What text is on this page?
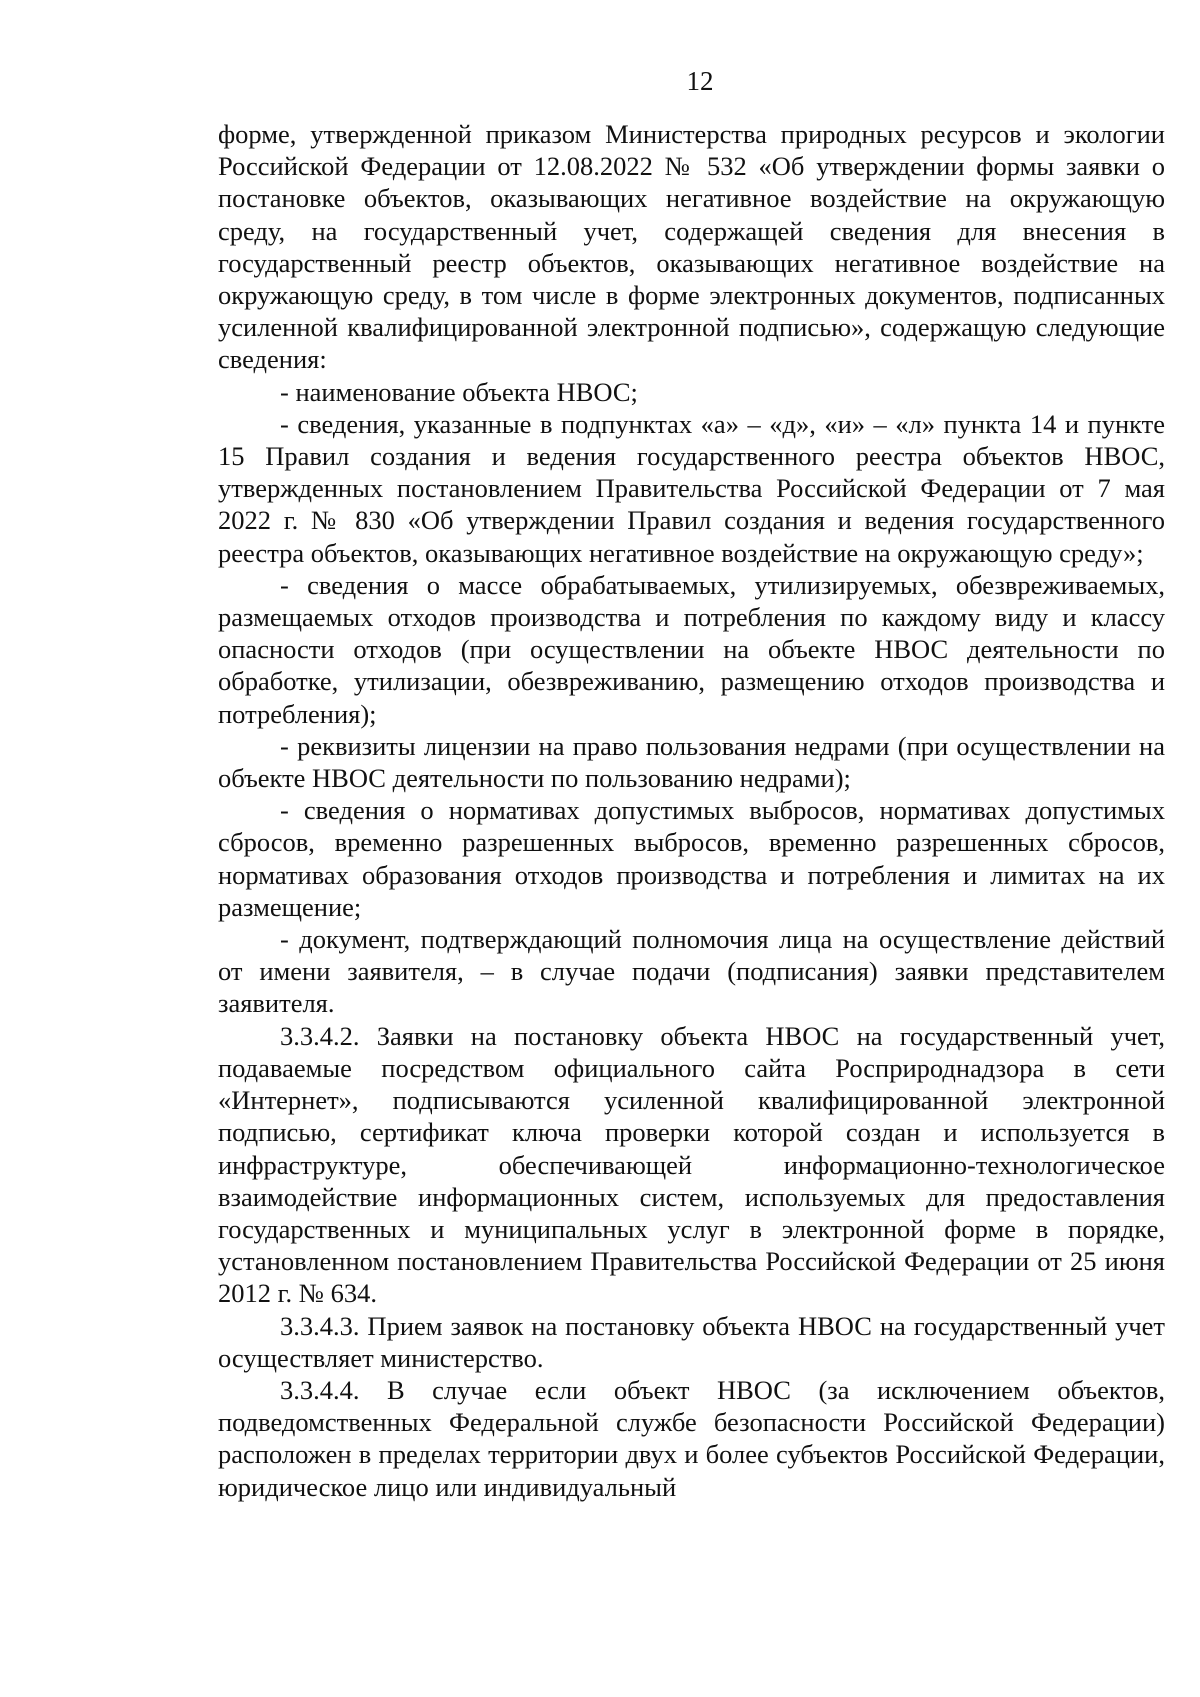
12

форме, утвержденной приказом Министерства природных ресурсов и экологии Российской Федерации от 12.08.2022 № 532 «Об утверждении формы заявки о постановке объектов, оказывающих негативное воздействие на окружающую среду, на государственный учет, содержащей сведения для внесения в государственный реестр объектов, оказывающих негативное воздействие на окружающую среду, в том числе в форме электронных документов, подписанных усиленной квалифицированной электронной подписью», содержащую следующие сведения:

- наименование объекта НВОС;

- сведения, указанные в подпунктах «а» – «д», «и» – «л» пункта 14 и пункте 15 Правил создания и ведения государственного реестра объектов НВОС, утвержденных постановлением Правительства Российской Федерации от 7 мая 2022 г. № 830 «Об утверждении Правил создания и ведения государственного реестра объектов, оказывающих негативное воздействие на окружающую среду»;

- сведения о массе обрабатываемых, утилизируемых, обезвреживаемых, размещаемых отходов производства и потребления по каждому виду и классу опасности отходов (при осуществлении на объекте НВОС деятельности по обработке, утилизации, обезвреживанию, размещению отходов производства и потребления);

- реквизиты лицензии на право пользования недрами (при осуществлении на объекте НВОС деятельности по пользованию недрами);

- сведения о нормативах допустимых выбросов, нормативах допустимых сбросов, временно разрешенных выбросов, временно разрешенных сбросов, нормативах образования отходов производства и потребления и лимитах на их размещение;

- документ, подтверждающий полномочия лица на осуществление действий от имени заявителя, – в случае подачи (подписания) заявки представителем заявителя.

3.3.4.2. Заявки на постановку объекта НВОС на государственный учет, подаваемые посредством официального сайта Росприроднадзора в сети «Интернет», подписываются усиленной квалифицированной электронной подписью, сертификат ключа проверки которой создан и используется в инфраструктуре, обеспечивающей информационно-технологическое взаимодействие информационных систем, используемых для предоставления государственных и муниципальных услуг в электронной форме в порядке, установленном постановлением Правительства Российской Федерации от 25 июня 2012 г. № 634.

3.3.4.3. Прием заявок на постановку объекта НВОС на государственный учет осуществляет министерство.

3.3.4.4. В случае если объект НВОС (за исключением объектов, подведомственных Федеральной службе безопасности Российской Федерации) расположен в пределах территории двух и более субъектов Российской Федерации, юридическое лицо или индивидуальный
